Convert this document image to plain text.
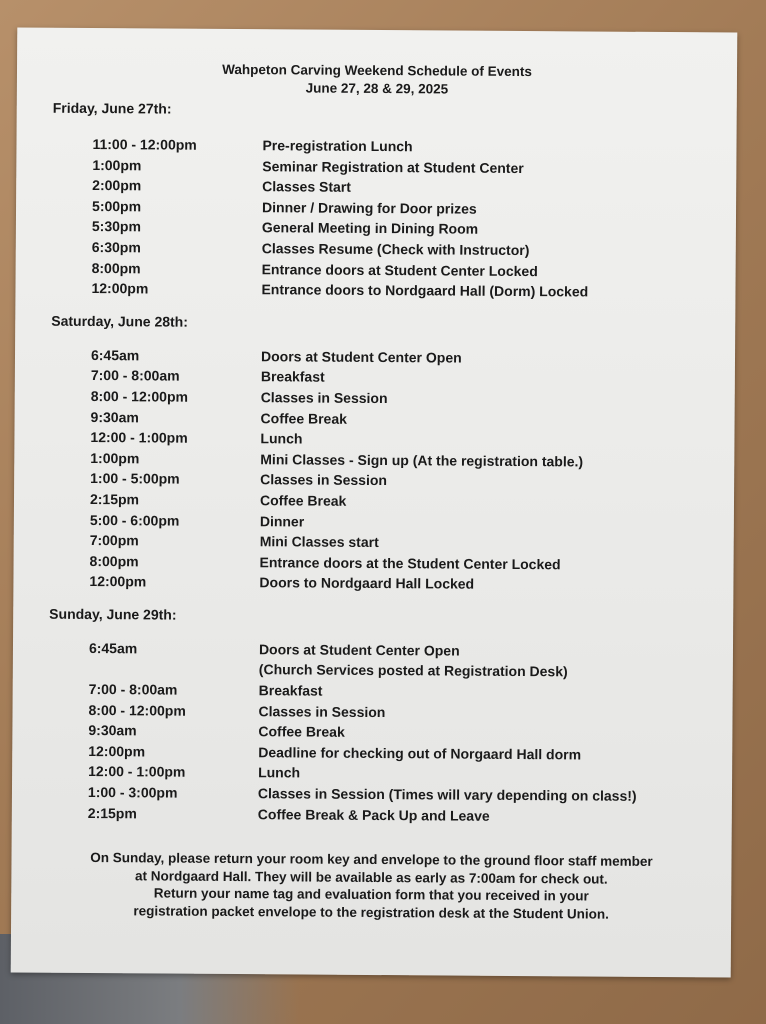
Wahpeton Carving Weekend Schedule of Events
June 27, 28 & 29, 2025
Friday, June 27th:
11:00 - 12:00pm	Pre-registration Lunch
1:00pm	Seminar Registration at Student Center
2:00pm	Classes Start
5:00pm	Dinner / Drawing for Door prizes
5:30pm	General Meeting in Dining Room
6:30pm	Classes Resume (Check with Instructor)
8:00pm	Entrance doors at Student Center Locked
12:00pm	Entrance doors to Nordgaard Hall (Dorm) Locked
Saturday, June 28th:
6:45am	Doors at Student Center Open
7:00 - 8:00am	Breakfast
8:00 - 12:00pm	Classes in Session
9:30am	Coffee Break
12:00 - 1:00pm	Lunch
1:00pm	Mini Classes - Sign up (At the registration table.)
1:00 - 5:00pm	Classes in Session
2:15pm	Coffee Break
5:00 - 6:00pm	Dinner
7:00pm	Mini Classes start
8:00pm	Entrance doors at the Student Center Locked
12:00pm	Doors to Nordgaard Hall Locked
Sunday, June 29th:
6:45am	Doors at Student Center Open
(Church Services posted at Registration Desk)
7:00 - 8:00am	Breakfast
8:00 - 12:00pm	Classes in Session
9:30am	Coffee Break
12:00pm	Deadline for checking out of Norgaard Hall dorm
12:00 - 1:00pm	Lunch
1:00 - 3:00pm	Classes in Session (Times will vary depending on class!)
2:15pm	Coffee Break & Pack Up and Leave
On Sunday, please return your room key and envelope to the ground floor staff member
at Nordgaard Hall. They will be available as early as 7:00am for check out.
Return your name tag and evaluation form that you received in your
registration packet envelope to the registration desk at the Student Union.
